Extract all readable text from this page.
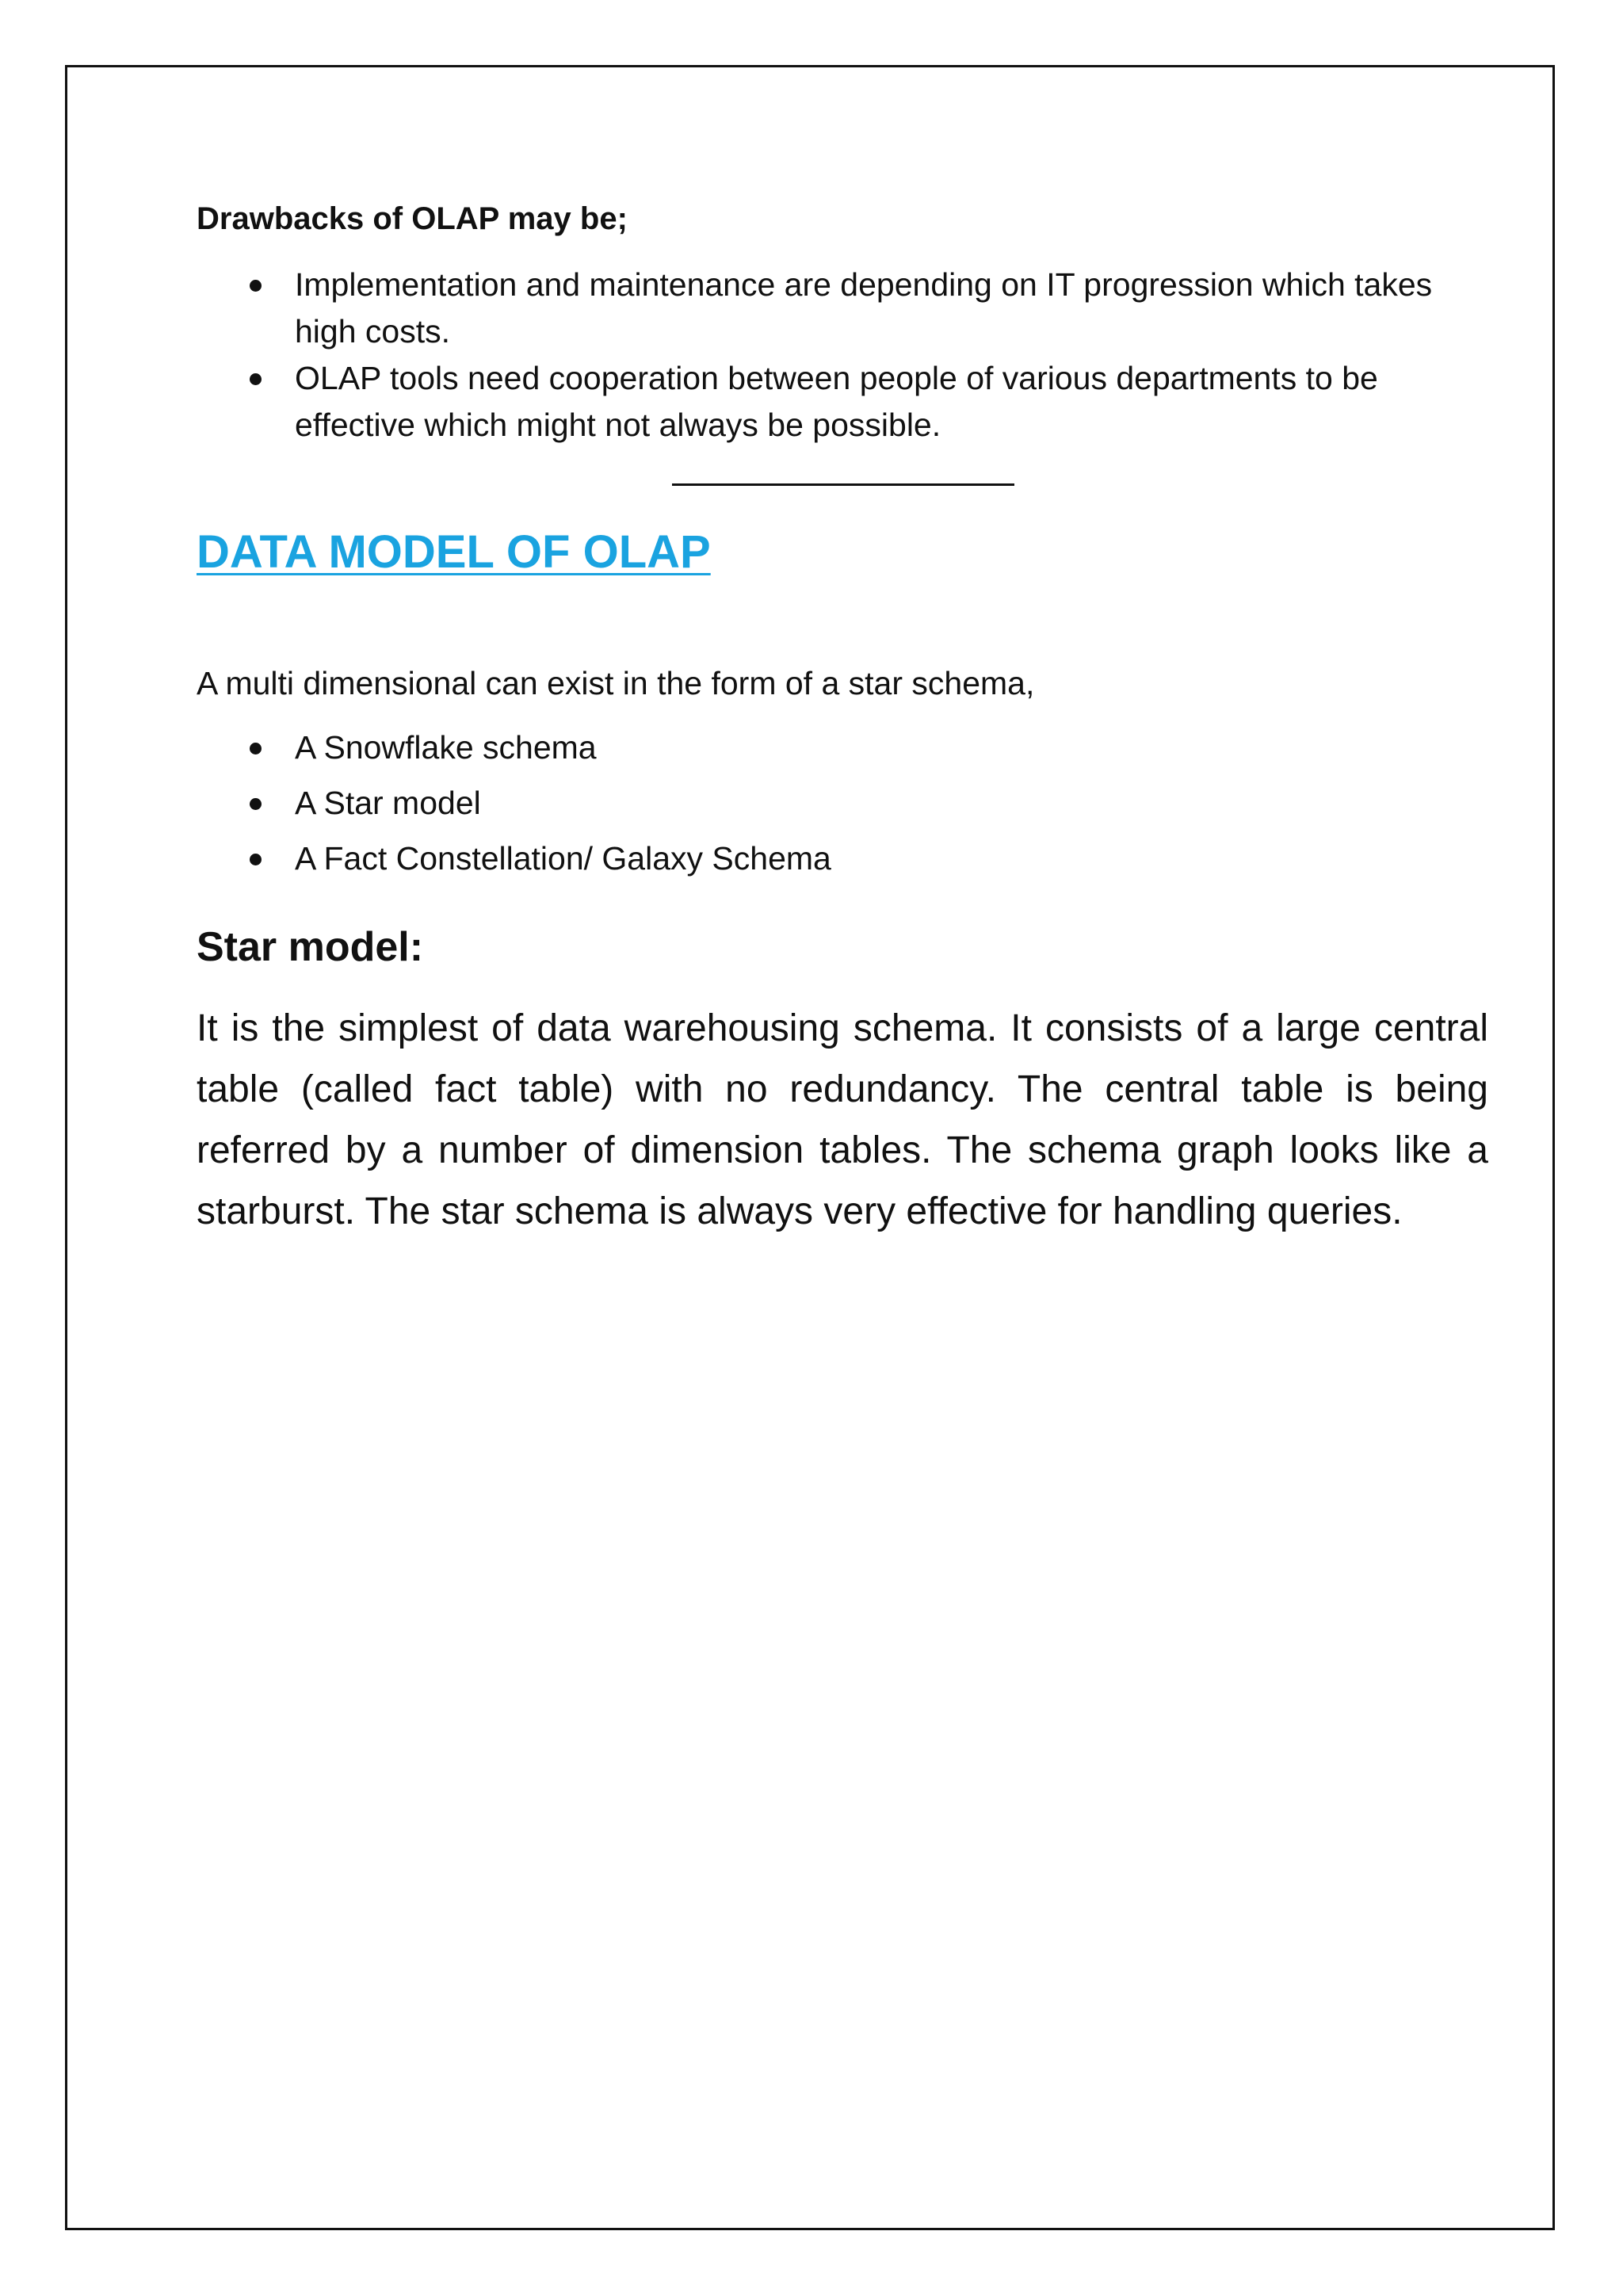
Drawbacks of OLAP may be;
Implementation and maintenance are depending on IT progression which takes high costs.
OLAP tools need cooperation between people of various departments to be effective which might not always be possible.
DATA MODEL OF OLAP
A multi dimensional can exist in the form of a star schema,
A Snowflake schema
A Star model
A Fact Constellation/ Galaxy Schema
Star model:

It is the simplest of data warehousing schema. It consists of a large central table (called fact table) with no redundancy. The central table is being referred by a number of dimension tables. The schema graph looks like a starburst. The star schema is always very effective for handling queries.
